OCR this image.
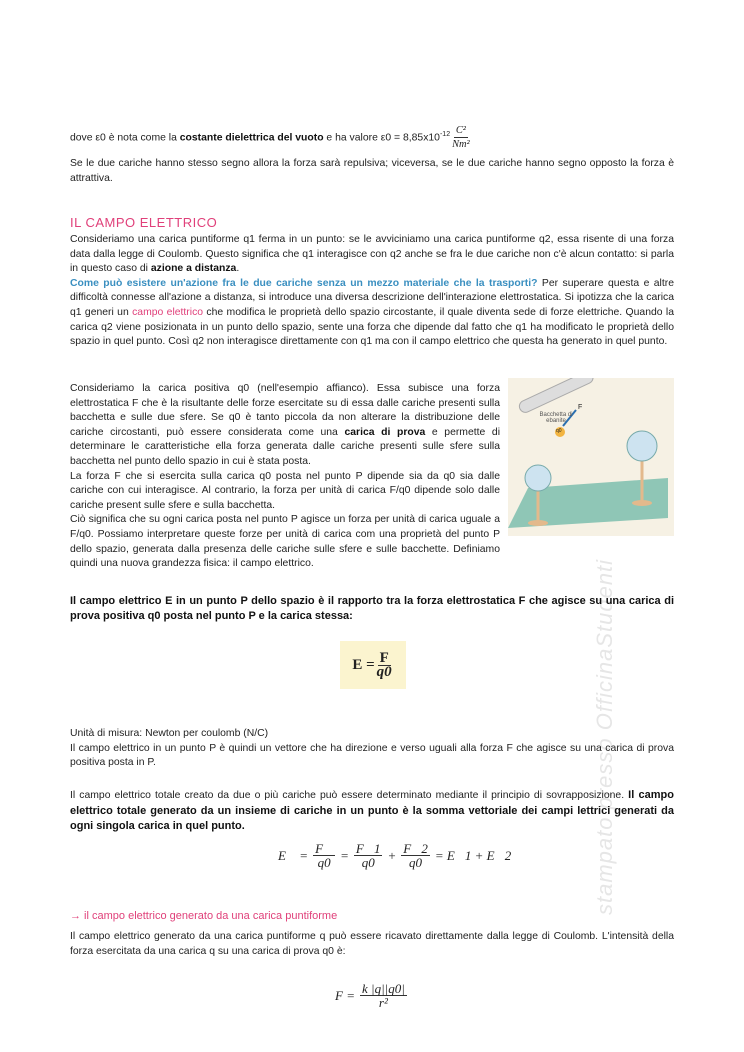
stampato presso OfficinaStudenti
dove ε0 è nota come la costante dielettrica del vuoto e ha valore $\varepsilon 0 = 8,85x10^{-12} \frac{\text{C²}}{\text{Nm²}}$
Se le due cariche hanno stesso segno allora la forza sarà repulsiva; viceversa, se le due cariche hanno segno opposto la forza è attrattiva.
IL CAMPO ELETTRICO
Consideriamo una carica puntiforme q1 ferma in un punto: se le avviciniamo una carica puntiforme q2, essa risente di una forza data dalla legge di Coulomb. Questo significa che q1 interagisce con q2 anche se fra le due cariche non c'è alcun contatto: si parla in questo caso di azione a distanza.
Come può esistere un'azione fra le due cariche senza un mezzo materiale che la trasporti? Per superare questa e altre difficoltà connesse all'azione a distanza, si introduce una diversa descrizione dell'interazione elettrostatica. Si ipotizza che la carica q1 generi un campo elettrico che modifica le proprietà dello spazio circostante, il quale diventa sede di forze elettriche. Quando la carica q2 viene posizionata in un punto dello spazio, sente una forza che dipende dal fatto che q1 ha modificato le proprietà dello spazio in quel punto. Così q2 non interagisce direttamente con q1 ma con il campo elettrico che questa ha generato in quel punto.
Consideriamo la carica positiva q0 (nell'esempio affianco). Essa subisce una forza elettrostatica F che è la risultante delle forze esercitate su di essa dalle cariche presenti sulla bacchetta e sulle due sfere. Se q0 è tanto piccola da non alterare la distribuzione delle cariche circostanti, può essere considerata come una carica di prova e permette di determinare le caratteristiche ella forza generata dalle cariche presenti sulle sfere sulla bacchetta nel punto dello spazio in cui è stata posta.
La forza F che si esercita sulla carica q0 posta nel punto P dipende sia da q0 sia dalle cariche con cui interagisce. Al contrario, la forza per unità di carica F/q0 dipende solo dalle cariche present sulle sfere e sulla bacchetta.
Ciò significa che su ogni carica posta nel punto P agisce un forza per unità di carica uguale a F/q0. Possiamo interpretare queste forze per unità di carica com una proprietà del punto P dello spazio, generata dalla presenza delle cariche sulle sfere e sulle bacchette. Definiamo quindi una nuova grandezza fisica: il campo elettrico.
Bacchetta di ebanite
F
q0
Il campo elettrico E in un punto P dello spazio è il rapporto tra la forza elettrostatica F che agisce su una carica di prova positiva q0 posta nel punto P e la carica stessa:
$E = \frac{F}{q0}$
Unità di misura: Newton per coulomb (N/C)
Il campo elettrico in un punto P è quindi un vettore che ha direzione e verso uguali alla forza F che agisce su una carica di prova positiva posta in P.
Il campo elettrico totale creato da due o più cariche può essere determinato mediante il principio di sovrapposizione. Il campo elettrico totale generato da un insieme di cariche in un punto è la somma vettoriale dei campi lettrici generati da ogni singola carica in quel punto.
E⃗ = $\frac{F⃗}{q0} = \frac{F⃗1}{q0} + \frac{F⃗2}{q0}$ = E⃗1 + E⃗2
→ il campo elettrico generato da una carica puntiforme
Il campo elettrico generato da una carica puntiforme q può essere ricavato direttamente dalla legge di Coulomb. L'intensità della forza esercitata da una carica q su una carica di prova q0 è:
$F = \frac{k |q||q0|}{\text{r²}}$
